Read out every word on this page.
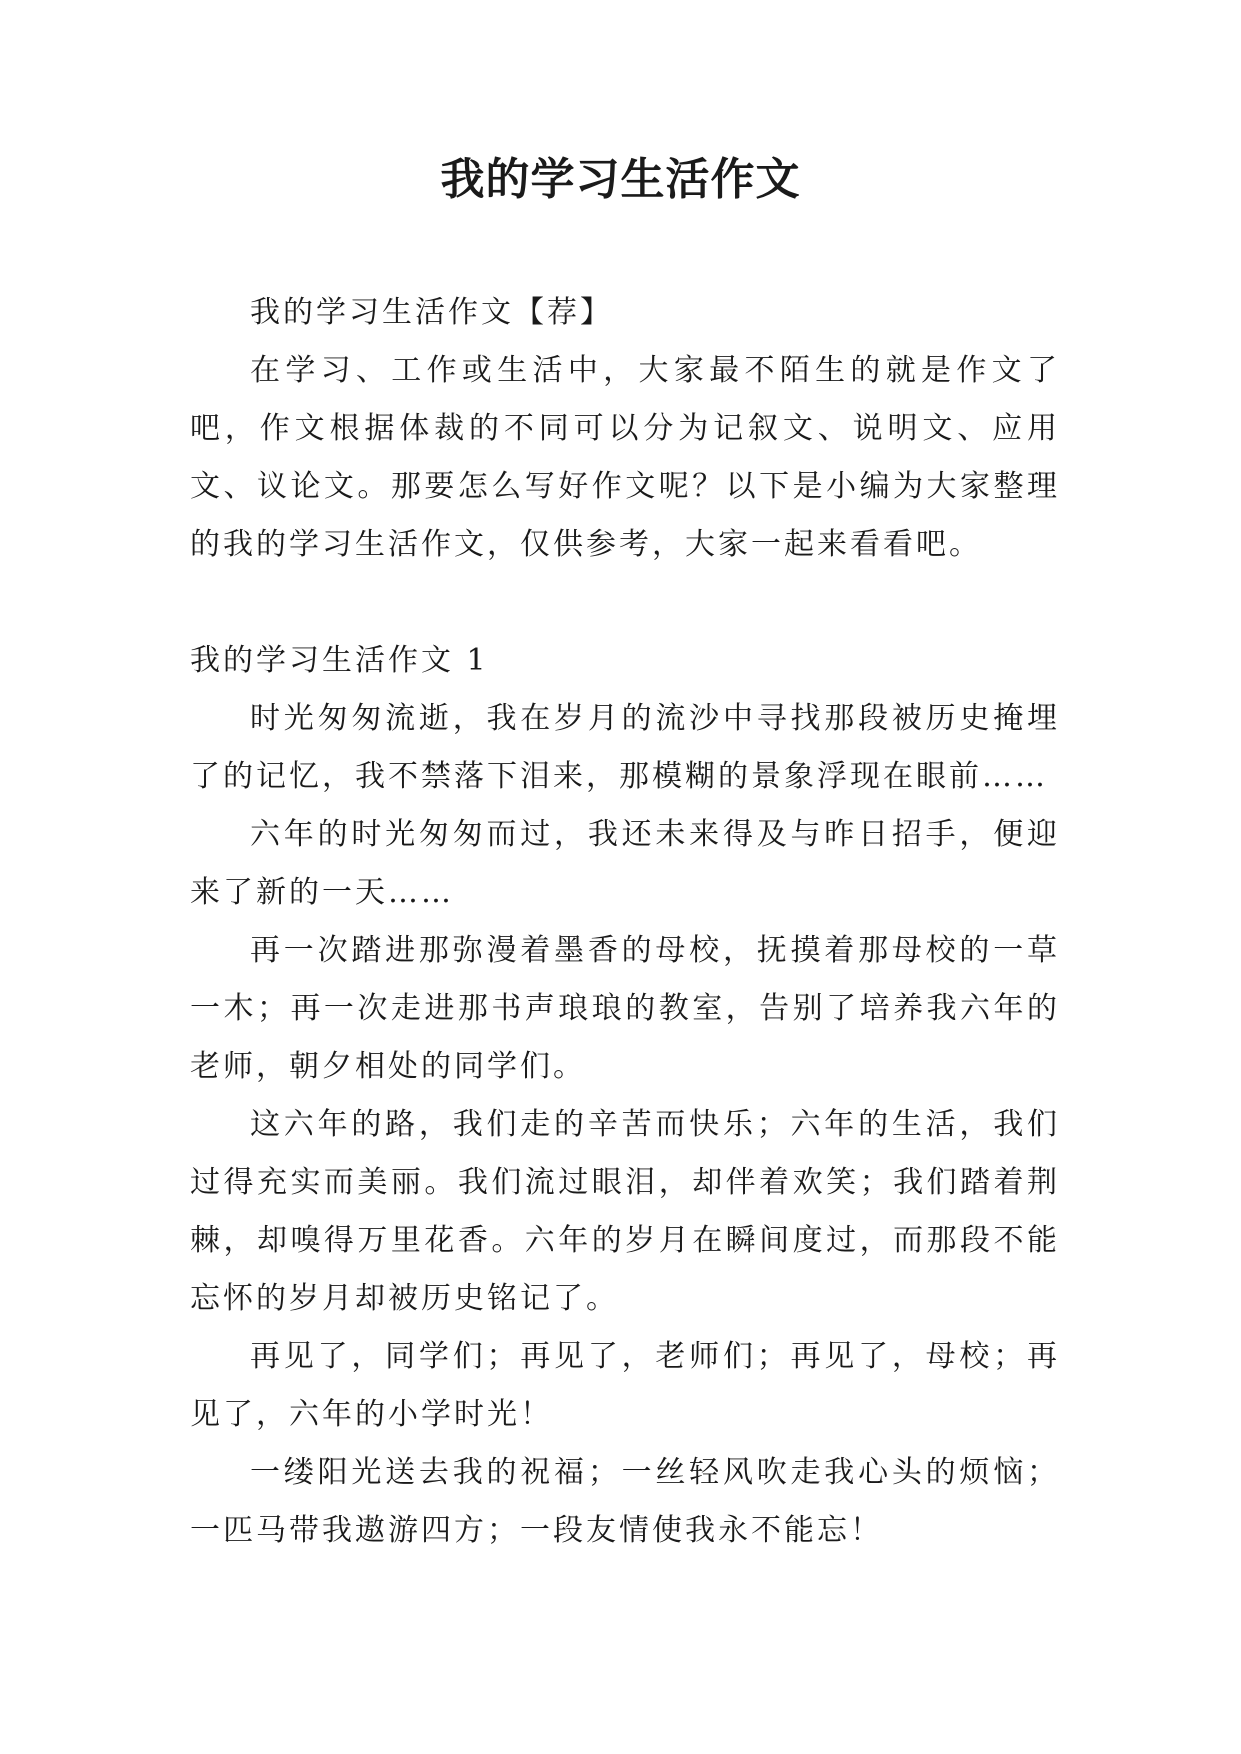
我的学习生活作文

我的学习生活作文【荐】

在学习、工作或生活中，大家最不陌生的就是作文了吧，作文根据体裁的不同可以分为记叙文、说明文、应用文、议论文。那要怎么写好作文呢？以下是小编为大家整理的我的学习生活作文，仅供参考，大家一起来看看吧。

我的学习生活作文 1

时光匆匆流逝，我在岁月的流沙中寻找那段被历史掩埋了的记忆，我不禁落下泪来，那模糊的景象浮现在眼前……

六年的时光匆匆而过，我还未来得及与昨日招手，便迎来了新的一天……

再一次踏进那弥漫着墨香的母校，抚摸着那母校的一草一木；再一次走进那书声琅琅的教室，告别了培养我六年的老师，朝夕相处的同学们。

这六年的路，我们走的辛苦而快乐；六年的生活，我们过得充实而美丽。我们流过眼泪，却伴着欢笑；我们踏着荆棘，却嗅得万里花香。六年的岁月在瞬间度过，而那段不能忘怀的岁月却被历史铭记了。

再见了，同学们；再见了，老师们；再见了，母校；再见了，六年的小学时光！

一缕阳光送去我的祝福；一丝轻风吹走我心头的烦恼；一匹马带我遨游四方；一段友情使我永不能忘！
